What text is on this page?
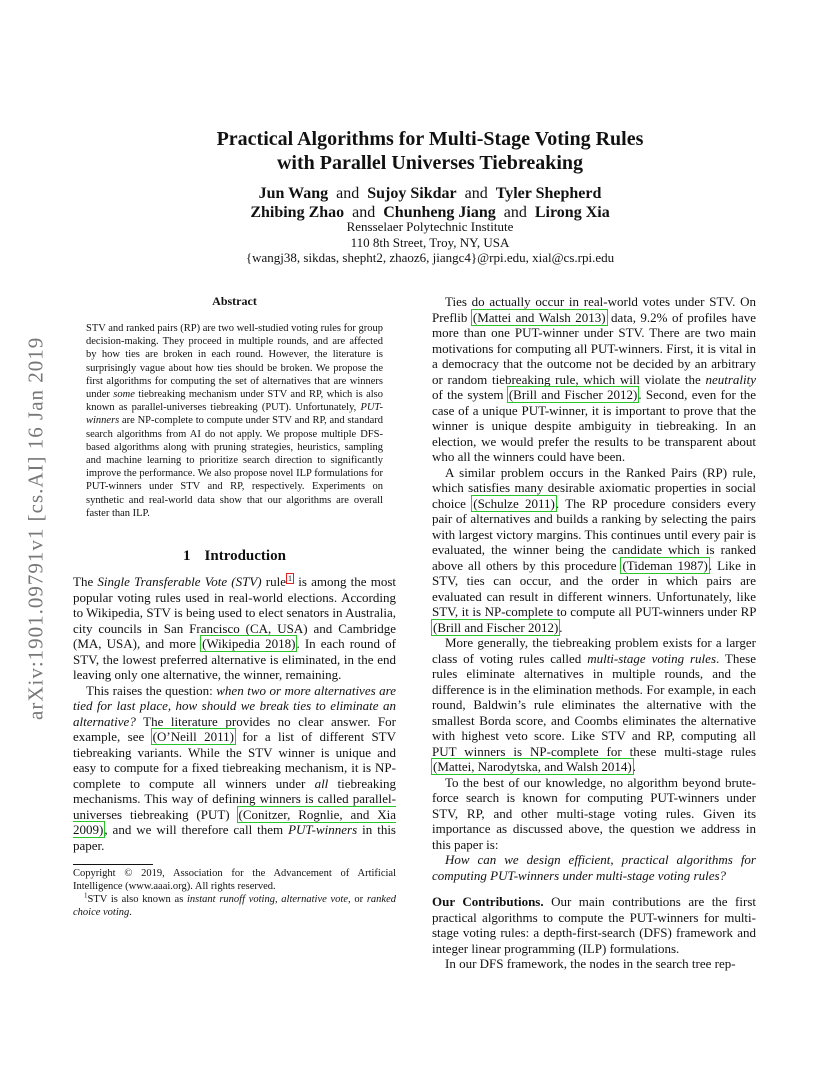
arXiv:1901.09791v1 [cs.AI] 16 Jan 2019
Practical Algorithms for Multi-Stage Voting Rules
with Parallel Universes Tiebreaking
Jun Wang and Sujoy Sikdar and Tyler Shepherd
Zhibing Zhao and Chunheng Jiang and Lirong Xia
Rensselaer Polytechnic Institute
110 8th Street, Troy, NY, USA
{wangj38, sikdas, shepht2, zhaoz6, jiangc4}@rpi.edu, xial@cs.rpi.edu
Abstract
STV and ranked pairs (RP) are two well-studied voting rules for group decision-making. They proceed in multiple rounds, and are affected by how ties are broken in each round. However, the literature is surprisingly vague about how ties should be broken. We propose the first algorithms for computing the set of alternatives that are winners under some tiebreaking mechanism under STV and RP, which is also known as parallel-universes tiebreaking (PUT). Unfortunately, PUT-winners are NP-complete to compute under STV and RP, and standard search algorithms from AI do not apply. We propose multiple DFS-based algorithms along with pruning strategies, heuristics, sampling and machine learning to prioritize search direction to significantly improve the performance. We also propose novel ILP formulations for PUT-winners under STV and RP, respectively. Experiments on synthetic and real-world data show that our algorithms are overall faster than ILP.
1 Introduction

The Single Transferable Vote (STV) rule $^1$ is among the most popular voting rules used in real-world elections. According to Wikipedia, STV is being used to elect senators in Australia, city councils in San Francisco (CA, USA) and Cambridge (MA, USA), and more (Wikipedia 2018). In each round of STV, the lowest preferred alternative is eliminated, in the end leaving only one alternative, the winner, remaining.

This raises the question: when two or more alternatives are tied for last place, how should we break ties to eliminate an alternative? The literature provides no clear answer. For example, see (O’Neill 2011) for a list of different STV tiebreaking variants. While the STV winner is unique and easy to compute for a fixed tiebreaking mechanism, it is NP-complete to compute all winners under all tiebreaking mechanisms. This way of defining winners is called parallel-universes tiebreaking (PUT) (Conitzer, Rognlie, and Xia 2009), and we will therefore call them PUT-winners in this paper.

Copyright © 2019, Association for the Advancement of Artificial Intelligence (www.aaai.org). All rights reserved.
$^1$STV is also known as instant runoff voting, alternative vote, or ranked choice voting.

Ties do actually occur in real-world votes under STV. On Preflib (Mattei and Walsh 2013) data, 9.2% of profiles have more than one PUT-winner under STV. There are two main motivations for computing all PUT-winners. First, it is vital in a democracy that the outcome not be decided by an arbitrary or random tiebreaking rule, which will violate the neutrality of the system (Brill and Fischer 2012). Second, even for the case of a unique PUT-winner, it is important to prove that the winner is unique despite ambiguity in tiebreaking. In an election, we would prefer the results to be transparent about who all the winners could have been.

A similar problem occurs in the Ranked Pairs (RP) rule, which satisfies many desirable axiomatic properties in social choice (Schulze 2011). The RP procedure considers every pair of alternatives and builds a ranking by selecting the pairs with largest victory margins. This continues until every pair is evaluated, the winner being the candidate which is ranked above all others by this procedure (Tideman 1987). Like in STV, ties can occur, and the order in which pairs are evaluated can result in different winners. Unfortunately, like STV, it is NP-complete to compute all PUT-winners under RP (Brill and Fischer 2012).

More generally, the tiebreaking problem exists for a larger class of voting rules called multi-stage voting rules. These rules eliminate alternatives in multiple rounds, and the difference is in the elimination methods. For example, in each round, Baldwin’s rule eliminates the alternative with the smallest Borda score, and Coombs eliminates the alternative with highest veto score. Like STV and RP, computing all PUT winners is NP-complete for these multi-stage rules (Mattei, Narodytska, and Walsh 2014).

To the best of our knowledge, no algorithm beyond brute-force search is known for computing PUT-winners under STV, RP, and other multi-stage voting rules. Given its importance as discussed above, the question we address in this paper is:

How can we design efficient, practical algorithms for computing PUT-winners under multi-stage voting rules?

Our Contributions. Our main contributions are the first practical algorithms to compute the PUT-winners for multi-stage voting rules: a depth-first-search (DFS) framework and integer linear programming (ILP) formulations.

In our DFS framework, the nodes in the search tree rep-
